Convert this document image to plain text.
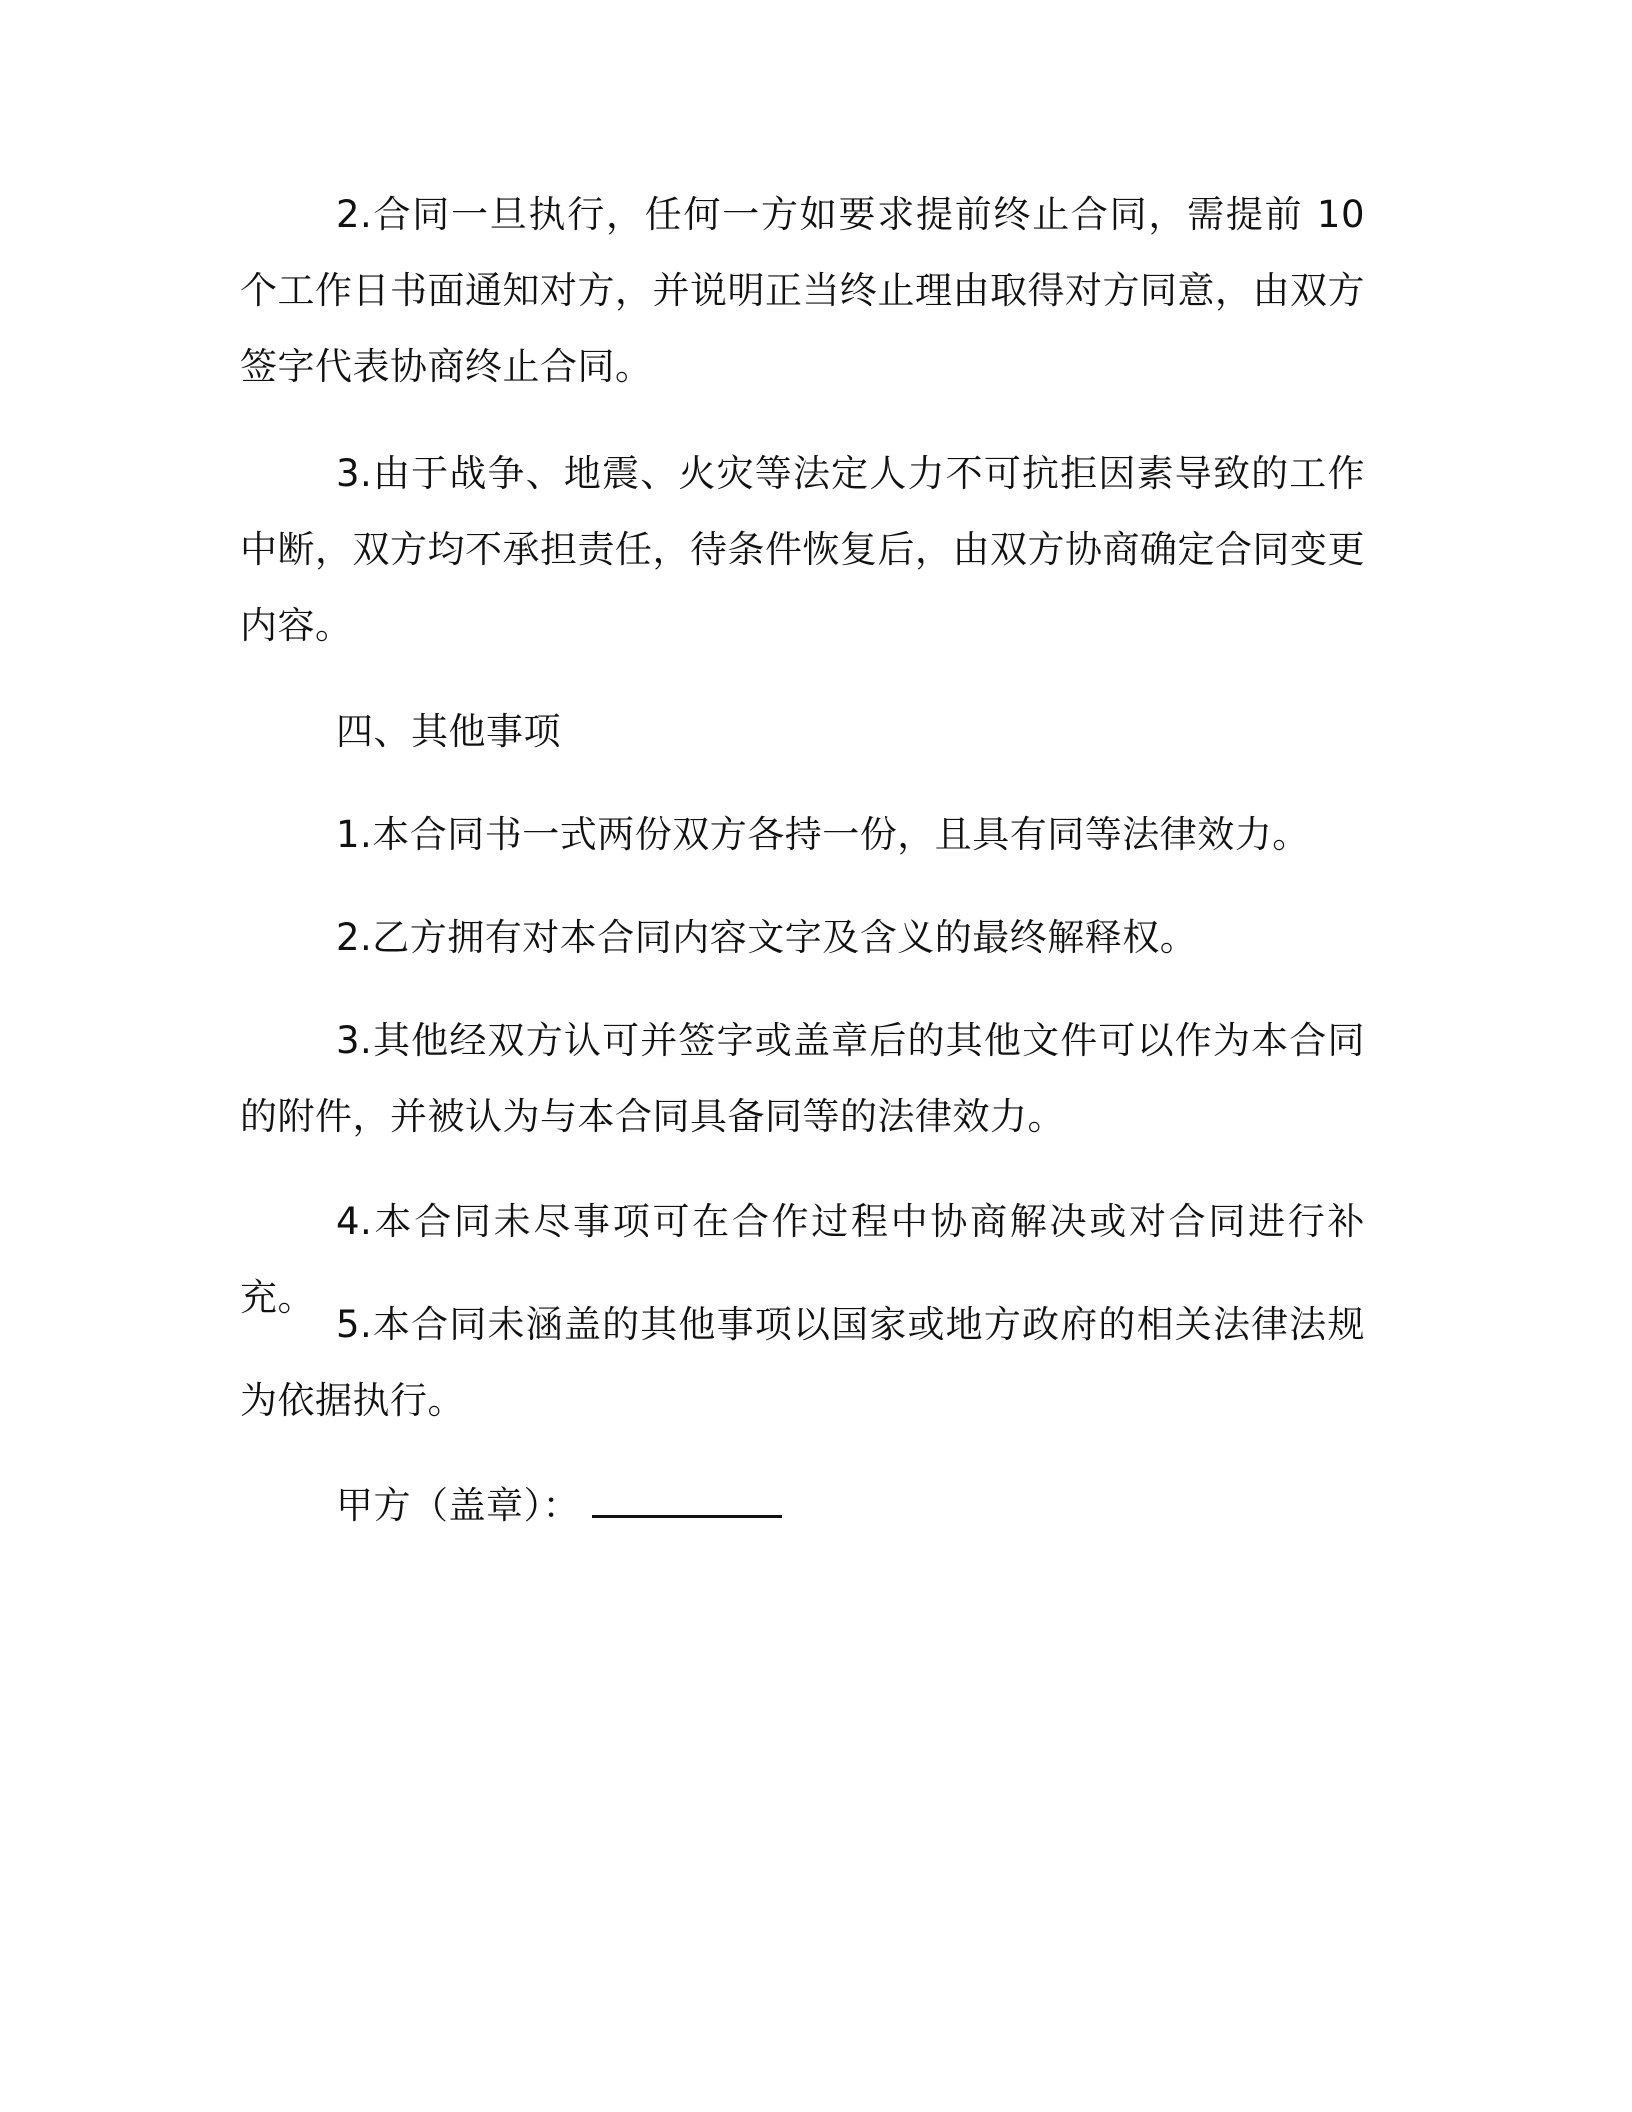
2.合同一旦执行，任何一方如要求提前终止合同，需提前 10 个工作日书面通知对方，并说明正当终止理由取得对方同意，由双方签字代表协商终止合同。

3.由于战争、地震、火灾等法定人力不可抗拒因素导致的工作中断，双方均不承担责任，待条件恢复后，由双方协商确定合同变更内容。

四、其他事项

1.本合同书一式两份双方各持一份，且具有同等法律效力。

2.乙方拥有对本合同内容文字及含义的最终解释权。

3.其他经双方认可并签字或盖章后的其他文件可以作为本合同的附件，并被认为与本合同具备同等的法律效力。

4.本合同未尽事项可在合作过程中协商解决或对合同进行补充。

5.本合同未涵盖的其他事项以国家或地方政府的相关法律法规为依据执行。

甲方（盖章）：
